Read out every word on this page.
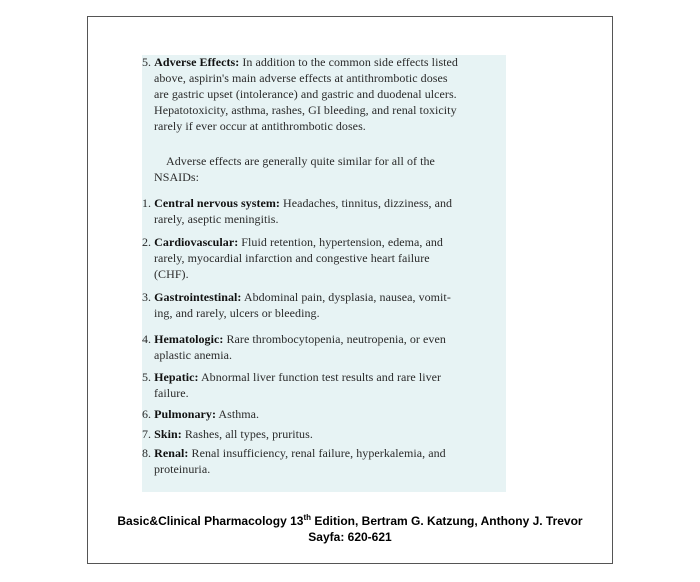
5. Adverse Effects: In addition to the common side effects listed
above, aspirin's main adverse effects at antithrombotic doses
are gastric upset (intolerance) and gastric and duodenal ulcers.
Hepatotoxicity, asthma, rashes, GI bleeding, and renal toxicity
rarely if ever occur at antithrombotic doses.
Adverse effects are generally quite similar for all of the
NSAIDs:
1. Central nervous system: Headaches, tinnitus, dizziness, and
rarely, aseptic meningitis.
2. Cardiovascular: Fluid retention, hypertension, edema, and
rarely, myocardial infarction and congestive heart failure
(CHF).
3. Gastrointestinal: Abdominal pain, dysplasia, nausea, vomit-
ing, and rarely, ulcers or bleeding.
4. Hematologic: Rare thrombocytopenia, neutropenia, or even
aplastic anemia.
5. Hepatic: Abnormal liver function test results and rare liver
failure.
6. Pulmonary: Asthma.
7. Skin: Rashes, all types, pruritus.
8. Renal: Renal insufficiency, renal failure, hyperkalemia, and
proteinuria.
Basic&Clinical Pharmacology 13th Edition, Bertram G. Katzung, Anthony J. Trevor
Sayfa: 620-621
